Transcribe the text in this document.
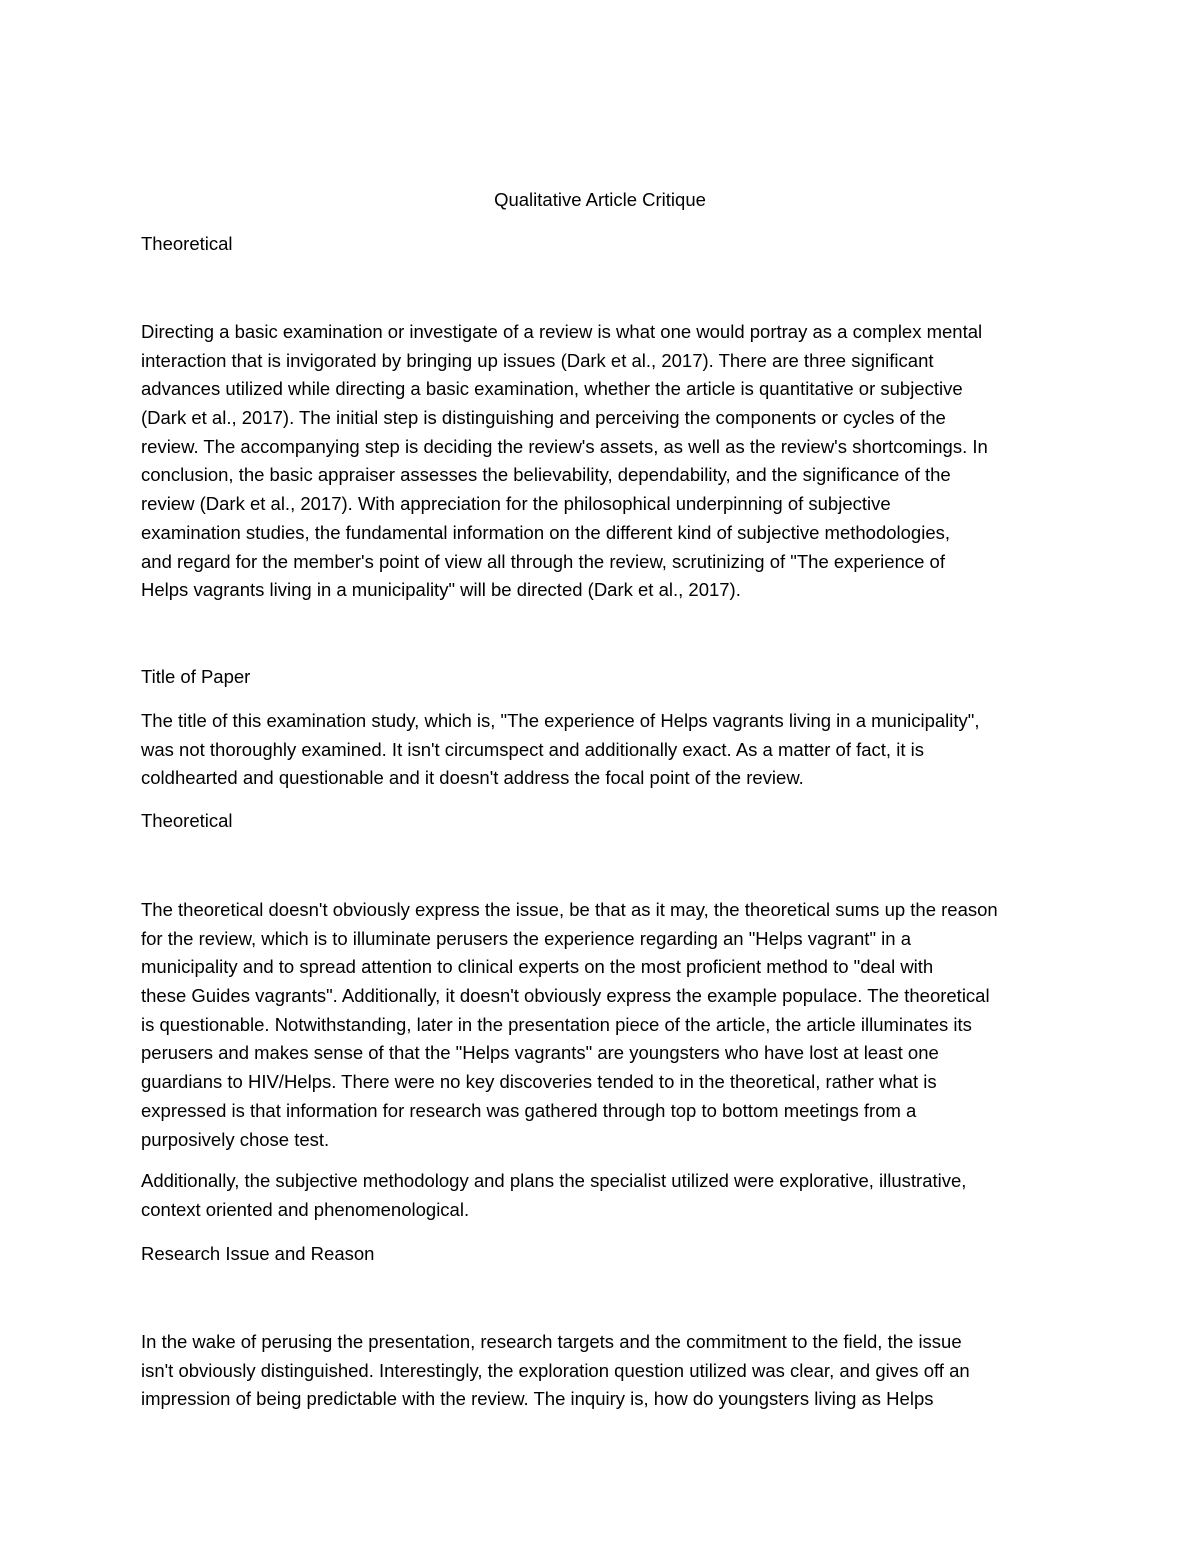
Qualitative Article Critique
Theoretical

Directing a basic examination or investigate of a review is what one would portray as a complex mental
interaction that is invigorated by bringing up issues (Dark et al., 2017). There are three significant
advances utilized while directing a basic examination, whether the article is quantitative or subjective
(Dark et al., 2017). The initial step is distinguishing and perceiving the components or cycles of the
review. The accompanying step is deciding the review's assets, as well as the review's shortcomings. In
conclusion, the basic appraiser assesses the believability, dependability, and the significance of the
review (Dark et al., 2017). With appreciation for the philosophical underpinning of subjective
examination studies, the fundamental information on the different kind of subjective methodologies,
and regard for the member's point of view all through the review, scrutinizing of "The experience of
Helps vagrants living in a municipality" will be directed (Dark et al., 2017).

Title of Paper

The title of this examination study, which is, "The experience of Helps vagrants living in a municipality",
was not thoroughly examined. It isn't circumspect and additionally exact. As a matter of fact, it is
coldhearted and questionable and it doesn't address the focal point of the review.

Theoretical

The theoretical doesn't obviously express the issue, be that as it may, the theoretical sums up the reason
for the review, which is to illuminate perusers the experience regarding an "Helps vagrant" in a
municipality and to spread attention to clinical experts on the most proficient method to "deal with
these Guides vagrants". Additionally, it doesn't obviously express the example populace. The theoretical
is questionable. Notwithstanding, later in the presentation piece of the article, the article illuminates its
perusers and makes sense of that the "Helps vagrants" are youngsters who have lost at least one
guardians to HIV/Helps. There were no key discoveries tended to in the theoretical, rather what is
expressed is that information for research was gathered through top to bottom meetings from a
purposively chose test.

Additionally, the subjective methodology and plans the specialist utilized were explorative, illustrative,
context oriented and phenomenological.

Research Issue and Reason

In the wake of perusing the presentation, research targets and the commitment to the field, the issue
isn't obviously distinguished. Interestingly, the exploration question utilized was clear, and gives off an
impression of being predictable with the review. The inquiry is, how do youngsters living as Helps
